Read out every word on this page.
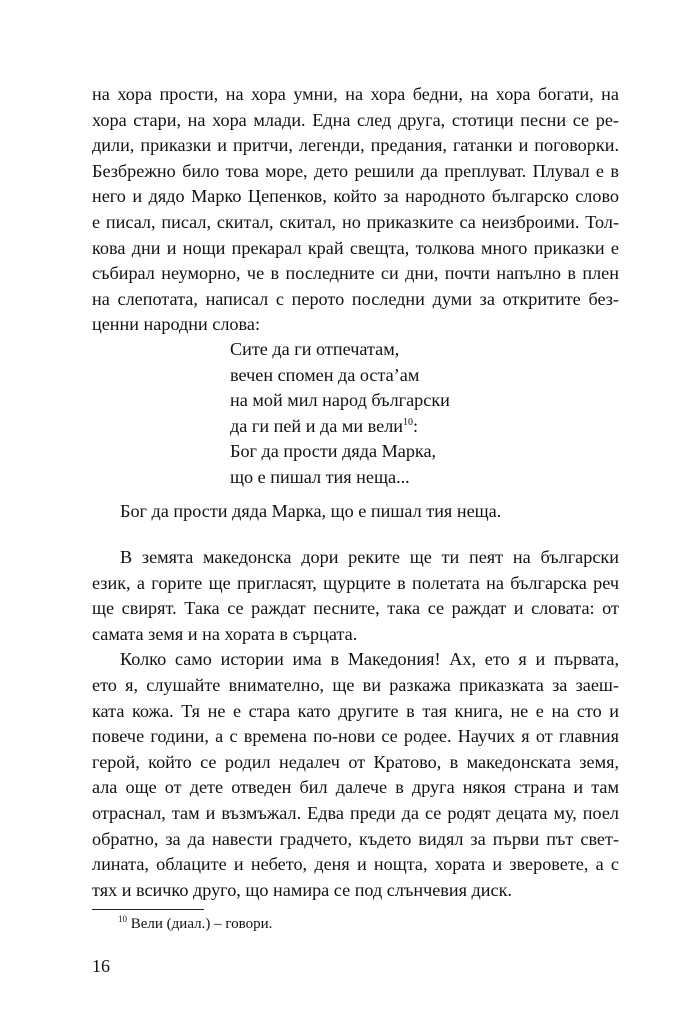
на хора прости, на хора умни, на хора бедни, на хора богати, на
хора стари, на хора млади. Една след друга, стотици песни се ре-
дили, приказки и притчи, легенди, предания, гатанки и поговорки.
Безбрежно било това море, дето решили да преплуват. Плувал е в
него и дядо Марко Цепенков, който за народното българско слово
е писал, писал, скитал, скитал, но приказките са неизброими. Тол-
кова дни и нощи прекарал край свещта, толкова много приказки е
събирал неуморно, че в последните си дни, почти напълно в плен
на слепотата, написал с перото последни думи за откритите без-
ценни народни слова:
Сите да ги отпечатам,
вечен спомен да оста’ам
на мой мил народ български
да ги пей и да ми вели$^{10}$:
Бог да прости дяда Марка,
що е пишал тия неща...
Бог да прости дяда Марка, що е пишал тия неща.
В земята македонска дори реките ще ти пеят на български
език, а горите ще пригласят, щурците в полетата на българска реч
ще свирят. Така се раждат песните, така се раждат и словата: от
самата земя и на хората в сърцата.
Колко само истории има в Македония! Ах, ето я и първата,
ето я, слушайте внимателно, ще ви разкажа приказката за заеш-
ката кожа. Тя не е стара като другите в тая книга, не е на сто и
повече години, а с времена по-нови се родее. Научих я от главния
герой, който се родил недалеч от Кратово, в македонската земя,
ала още от дете отведен бил далече в друга някоя страна и там
отраснал, там и възмъжал. Едва преди да се родят децата му, поел
обратно, за да навести градчето, където видял за първи път свет-
лината, облаците и небето, деня и нощта, хората и зверовете, а с
тях и всичко друго, що намира се под слънчевия диск.
$^{10}$ Вели (диал.) – говори.
16
